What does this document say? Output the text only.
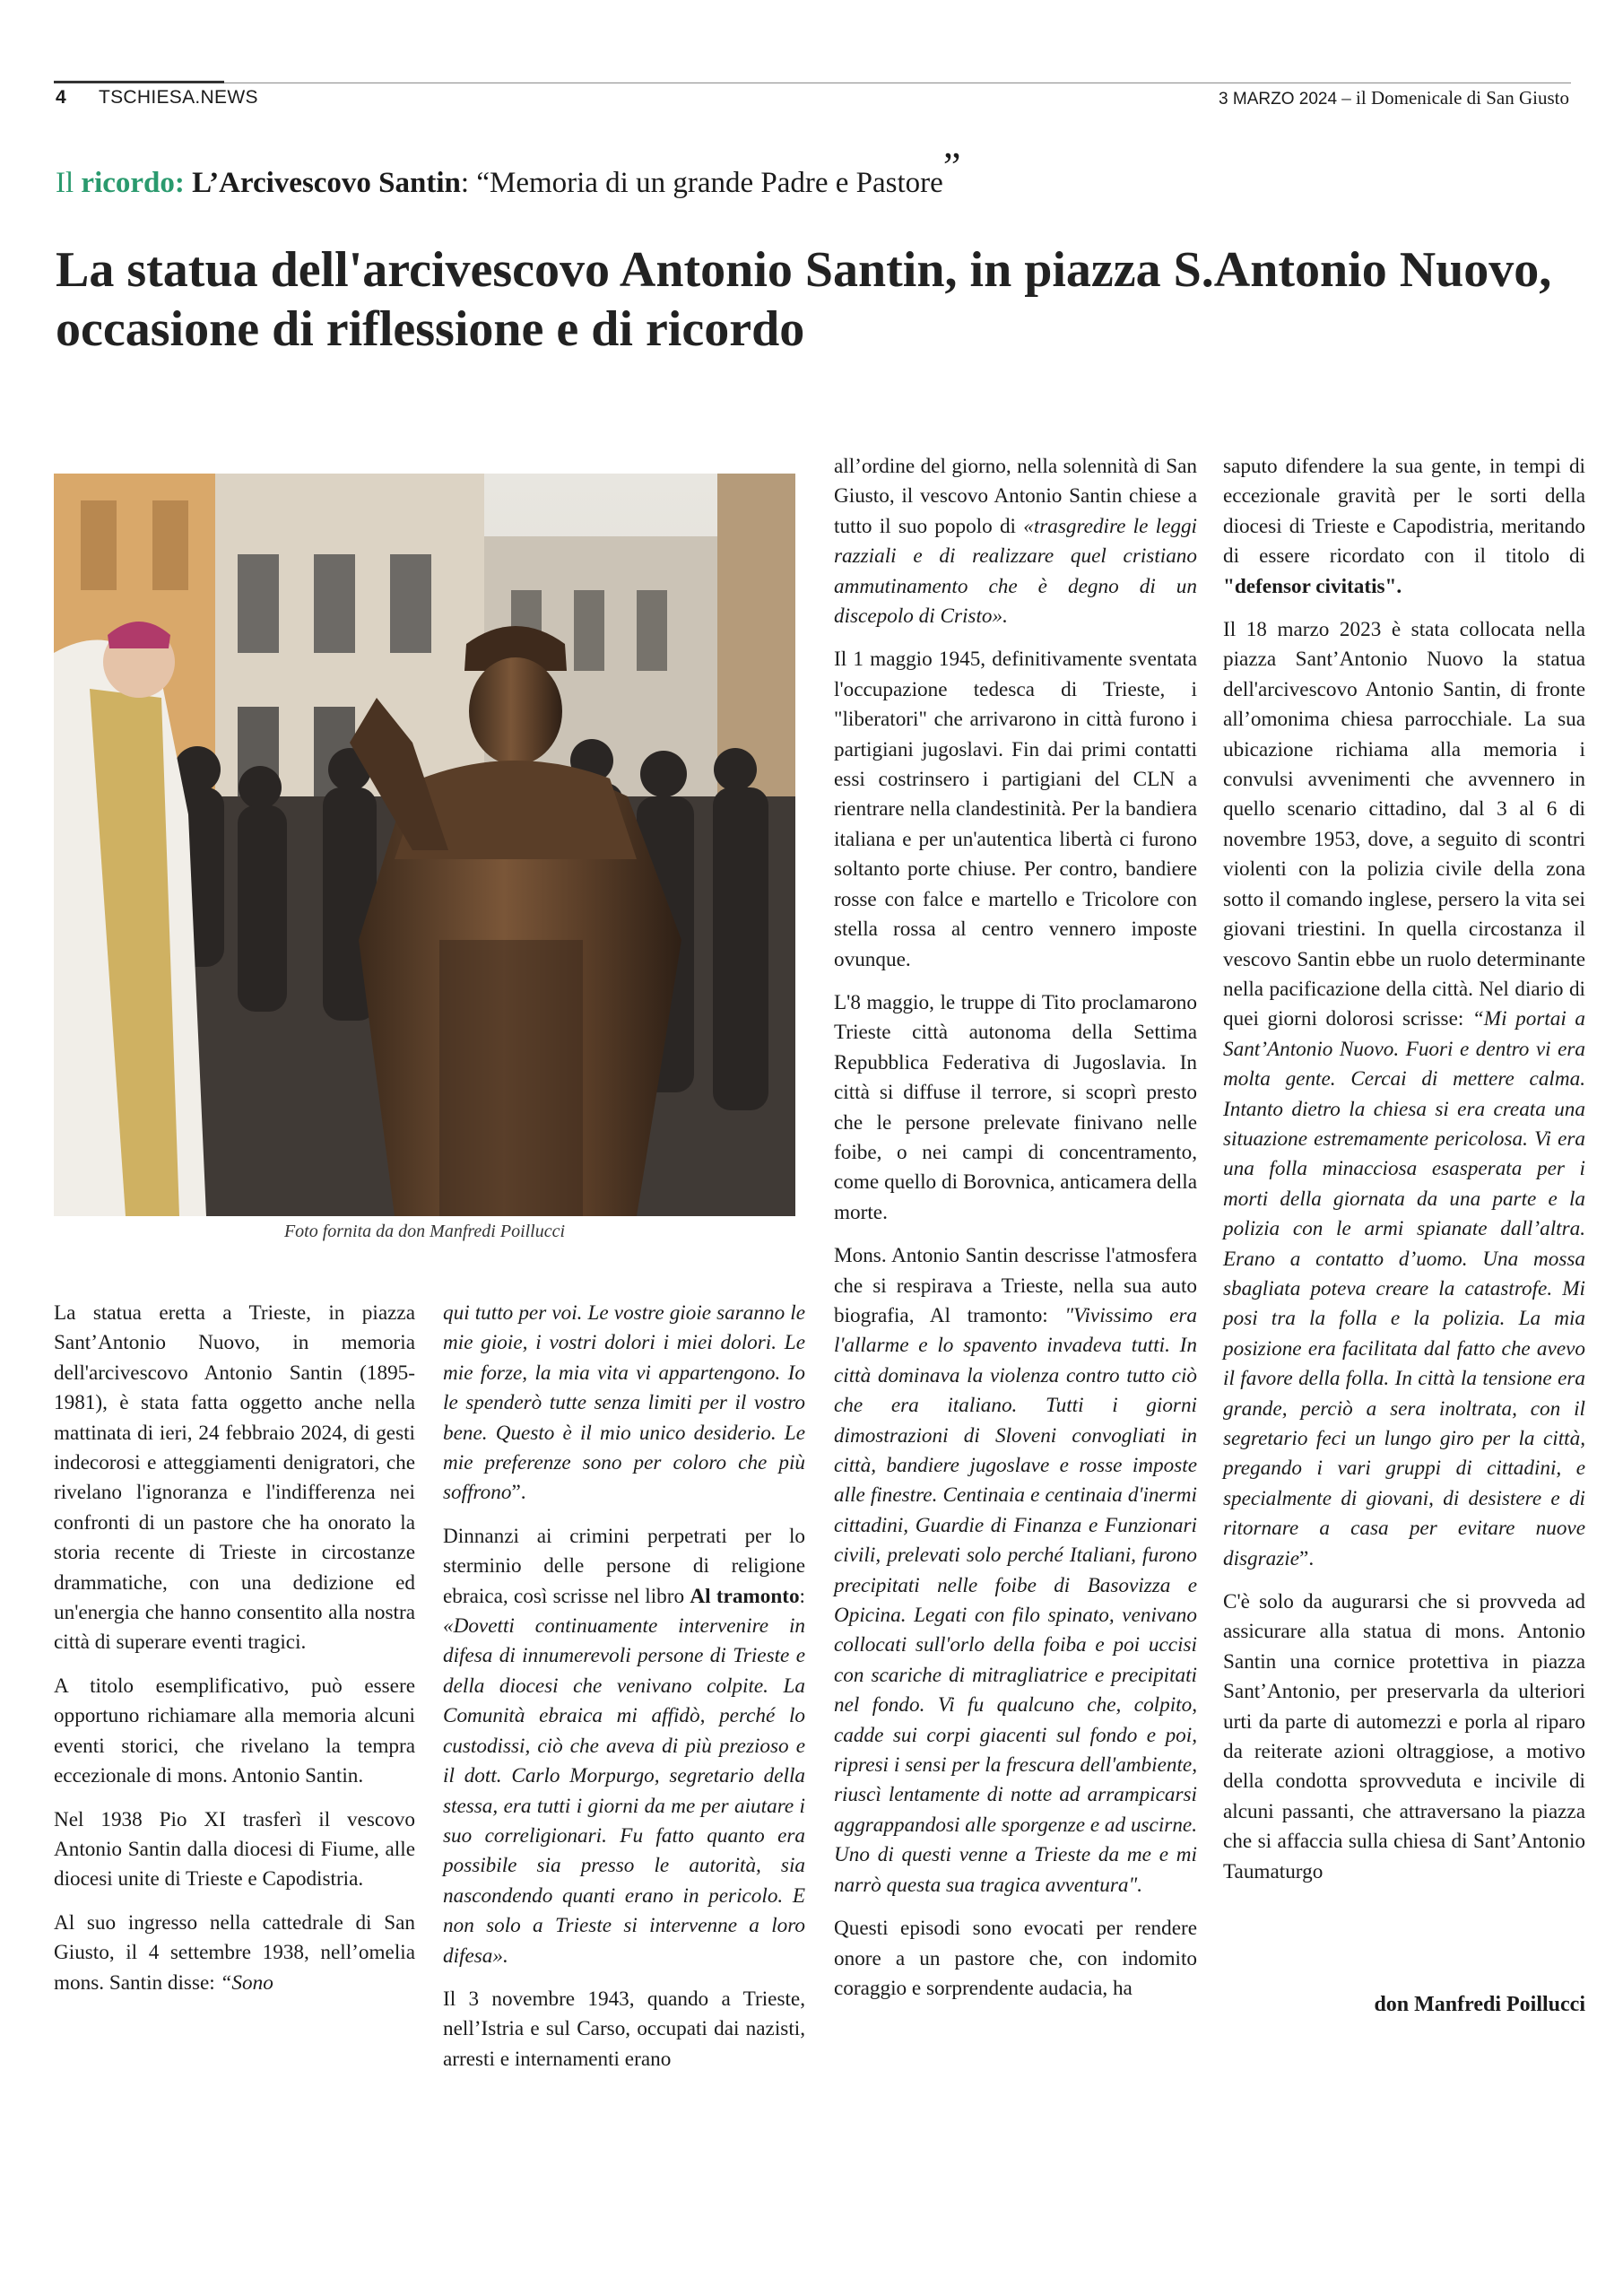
4 TSCHIESA.NEWS	3 MARZO 2024 – il Domenicale di San Giusto
Il ricordo: L’Arcivescovo Santin: “Memoria di un grande Padre e Pastore”
La statua dell'arcivescovo Antonio Santin, in piazza S.Antonio Nuovo, occasione di riflessione e di ricordo
Foto fornita da don Manfredi Poillucci

La statua eretta a Trieste, in piazza Sant’Antonio Nuovo, in memoria dell'arcivescovo Antonio Santin (1895-1981), è stata fatta oggetto anche nella mattinata di ieri, 24 febbraio 2024, di gesti indecorosi e atteggiamenti denigratori, che rivelano l'ignoranza e l'indifferenza nei confronti di un pastore che ha onorato la storia recente di Trieste in circostanze drammatiche, con una dedizione ed un'energia che hanno consentito alla nostra città di superare eventi tragici.

A titolo esemplificativo, può essere opportuno richiamare alla memoria alcuni eventi storici, che rivelano la tempra eccezionale di mons. Antonio Santin.

Nel 1938 Pio XI trasferì il vescovo Antonio Santin dalla diocesi di Fiume, alle diocesi unite di Trieste e Capodistria.

Al suo ingresso nella cattedrale di San Giusto, il 4 settembre 1938, nell’omelia mons. Santin disse: “Sono

qui tutto per voi. Le vostre gioie saranno le mie gioie, i vostri dolori i miei dolori. Le mie forze, la mia vita vi appartengono. Io le spenderò tutte senza limiti per il vostro bene. Questo è il mio unico desiderio. Le mie preferenze sono per coloro che più soffrono”.

Dinnanzi ai crimini perpetrati per lo sterminio delle persone di religione ebraica, così scrisse nel libro Al tramonto: «Dovetti continuamente intervenire in difesa di innumerevoli persone di Trieste e della diocesi che venivano colpite. La Comunità ebraica mi affidò, perché lo custodissi, ciò che aveva di più prezioso e il dott. Carlo Morpurgo, segretario della stessa, era tutti i giorni da me per aiutare i suo correligionari. Fu fatto quanto era possibile sia presso le autorità, sia nascondendo quanti erano in pericolo. E non solo a Trieste si intervenne a loro difesa».

Il 3 novembre 1943, quando a Trieste, nell’Istria e sul Carso, occupati dai nazisti, arresti e internamenti erano

all’ordine del giorno, nella solennità di San Giusto, il vescovo Antonio Santin chiese a tutto il suo popolo di «trasgredire le leggi razziali e di realizzare quel cristiano ammutinamento che è degno di un discepolo di Cristo».

Il 1 maggio 1945, definitivamente sventata l'occupazione tedesca di Trieste, i "liberatori" che arrivarono in città furono i partigiani jugoslavi. Fin dai primi contatti essi costrinsero i partigiani del CLN a rientrare nella clandestinità. Per la bandiera italiana e per un'autentica libertà ci furono soltanto porte chiuse. Per contro, bandiere rosse con falce e martello e Tricolore con stella rossa al centro vennero imposte ovunque.

L'8 maggio, le truppe di Tito proclamarono Trieste città autonoma della Settima Repubblica Federativa di Jugoslavia. In città si diffuse il terrore, si scoprì presto che le persone prelevate finivano nelle foibe, o nei campi di concentramento, come quello di Borovnica, anticamera della morte.

Mons. Antonio Santin descrisse l'atmosfera che si respirava a Trieste, nella sua auto biografia, Al tramonto: "Vivissimo era l'allarme e lo spavento invadeva tutti. In città dominava la violenza contro tutto ciò che era italiano. Tutti i giorni dimostrazioni di Sloveni convogliati in città, bandiere jugoslave e rosse imposte alle finestre. Centinaia e centinaia d'inermi cittadini, Guardie di Finanza e Funzionari civili, prelevati solo perché Italiani, furono precipitati nelle foibe di Basovizza e Opicina. Legati con filo spinato, venivano collocati sull'orlo della foiba e poi uccisi con scariche di mitragliatrice e precipitati nel fondo. Vi fu qualcuno che, colpito, cadde sui corpi giacenti sul fondo e poi, ripresi i sensi per la frescura dell'ambiente, riuscì lentamente di notte ad arrampicarsi aggrappandosi alle sporgenze e ad uscirne. Uno di questi venne a Trieste da me e mi narrò questa sua tragica avventura".

Questi episodi sono evocati per rendere onore a un pastore che, con indomito coraggio e sorprendente audacia, ha

saputo difendere la sua gente, in tempi di eccezionale gravità per le sorti della diocesi di Trieste e Capodistria, meritando di essere ricordato con il titolo di "defensor civitatis".

Il 18 marzo 2023 è stata collocata nella piazza Sant’Antonio Nuovo la statua dell'arcivescovo Antonio Santin, di fronte all’omonima chiesa parrocchiale. La sua ubicazione richiama alla memoria i convulsi avvenimenti che avvennero in quello scenario cittadino, dal 3 al 6 di novembre 1953, dove, a seguito di scontri violenti con la polizia civile della zona sotto il comando inglese, persero la vita sei giovani triestini. In quella circostanza il vescovo Santin ebbe un ruolo determinante nella pacificazione della città. Nel diario di quei giorni dolorosi scrisse: “Mi portai a Sant’Antonio Nuovo. Fuori e dentro vi era molta gente. Cercai di mettere calma. Intanto dietro la chiesa si era creata una situazione estremamente pericolosa. Vi era una folla minacciosa esasperata per i morti della giornata da una parte e la polizia con le armi spianate dall’altra. Erano a contatto d’uomo. Una mossa sbagliata poteva creare la catastrofe. Mi posi tra la folla e la polizia. La mia posizione era facilitata dal fatto che avevo il favore della folla. In città la tensione era grande, perciò a sera inoltrata, con il segretario feci un lungo giro per la città, pregando i vari gruppi di cittadini, e specialmente di giovani, di desistere e di ritornare a casa per evitare nuove disgrazie”.

C'è solo da augurarsi che si provveda ad assicurare alla statua di mons. Antonio Santin una cornice protettiva in piazza Sant’Antonio, per preservarla da ulteriori urti da parte di automezzi e porla al riparo da reiterate azioni oltraggiose, a motivo della condotta sprovveduta e incivile di alcuni passanti, che attraversano la piazza che si affaccia sulla chiesa di Sant’Antonio Taumaturgo

don Manfredi Poillucci
